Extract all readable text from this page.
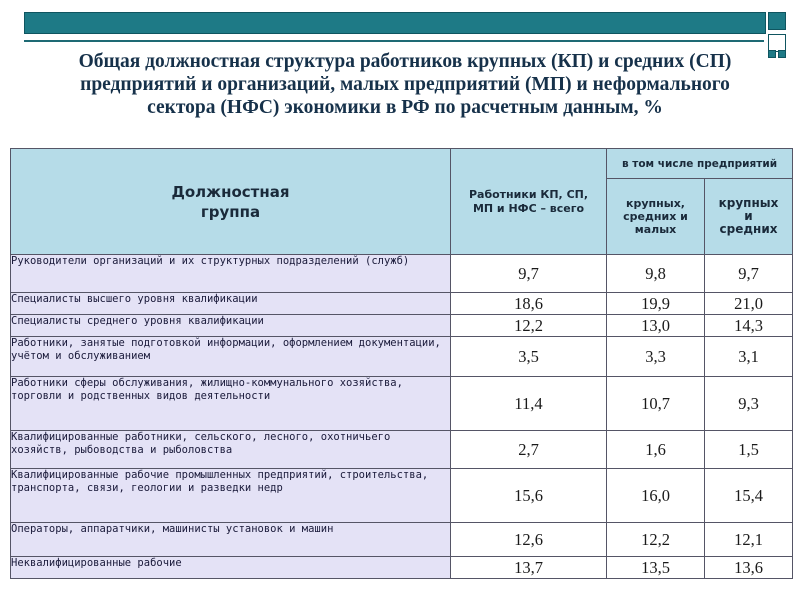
Общая должностная структура работников крупных (КП) и средних (СП) предприятий и организаций, малых предприятий (МП) и неформального сектора (НФС) экономики в РФ по расчетным данным, %
Должностная группа	Работники КП, СП, МП и НФС – всего	в том числе предприятий	

		крупных, средних и малых	крупных и средних

Руководители организаций и их структурных подразделений (служб)	9,7	9,8	9,7
Специалисты высшего уровня квалификации	18,6	19,9	21,0
Специалисты среднего уровня квалификации	12,2	13,0	14,3
Работники, занятые подготовкой информации, оформлением документации, учётом и обслуживанием	3,5	3,3	3,1
Работники сферы обслуживания, жилищно-коммунального хозяйства, торговли и родственных видов деятельности	11,4	10,7	9,3
Квалифицированные работники, сельского, лесного, охотничьего хозяйств, рыбоводства и рыболовства	2,7	1,6	1,5
Квалифицированные рабочие промышленных предприятий, строительства, транспорта, связи, геологии и разведки недр	15,6	16,0	15,4
Операторы, аппаратчики, машинисты установок и машин	12,6	12,2	12,1
Неквалифицированные рабочие	13,7	13,5	13,6
